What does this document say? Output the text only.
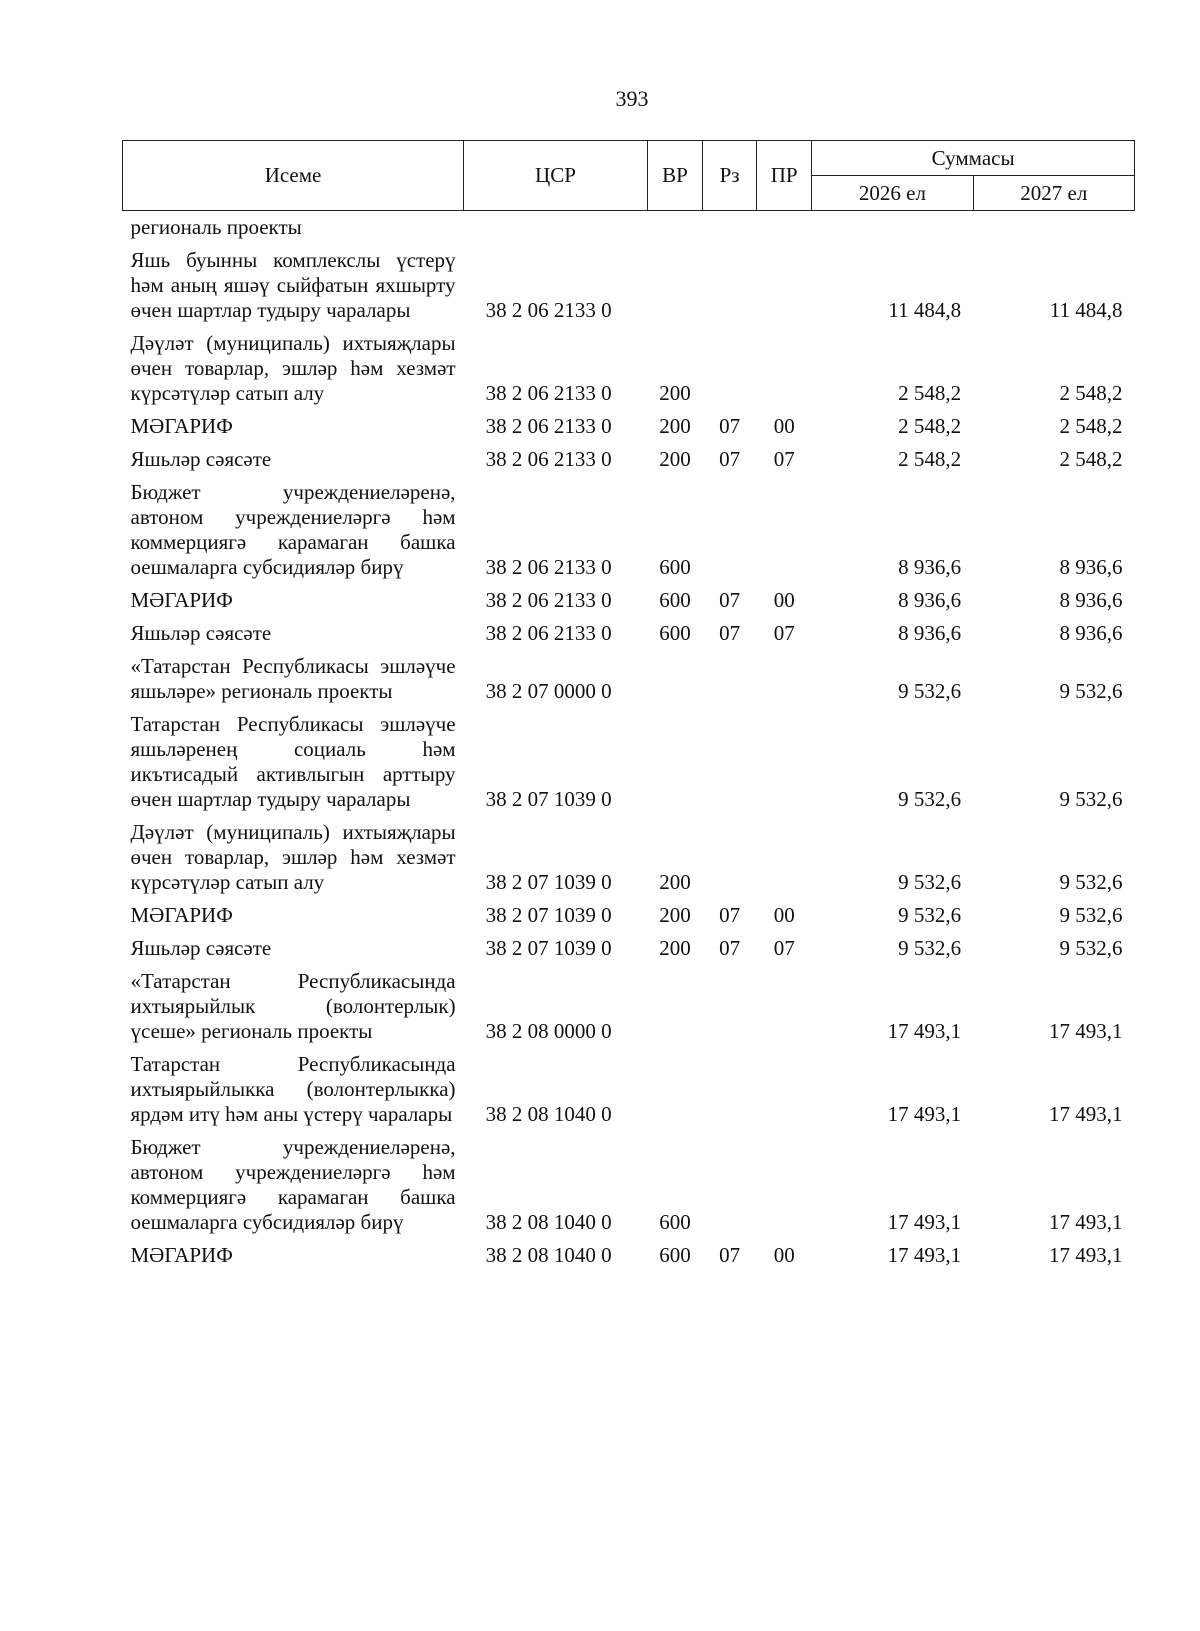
393
Исеме	ЦСР	ВР	Рз	ПР	Суммасы	
					2026 ел	2027 ел
региональ проекты						
Яшь буынны комплекслы үстерү һәм аның яшәү сыйфатын яхшырту өчен шартлар тудыру чаралары	38 2 06 2133 0				11 484,8	11 484,8
Дәүләт (муниципаль) ихтыяҗлары өчен товарлар, эшләр һәм хезмәт күрсәтүләр сатып алу	38 2 06 2133 0	200			2 548,2	2 548,2
МӘГАРИФ	38 2 06 2133 0	200	07	00	2 548,2	2 548,2
Яшьләр сәясәте	38 2 06 2133 0	200	07	07	2 548,2	2 548,2
Бюджет учреждениеләренә, автоном учреждениеләргә һәм коммерциягә карамаган башка оешмаларга субсидияләр бирү	38 2 06 2133 0	600			8 936,6	8 936,6
МӘГАРИФ	38 2 06 2133 0	600	07	00	8 936,6	8 936,6
Яшьләр сәясәте	38 2 06 2133 0	600	07	07	8 936,6	8 936,6
«Татарстан Республикасы эшләүче яшьләре» региональ проекты	38 2 07 0000 0				9 532,6	9 532,6
Татарстан Республикасы эшләүче яшьләренең социаль һәм икътисадый активлыгын арттыру өчен шартлар тудыру чаралары	38 2 07 1039 0				9 532,6	9 532,6
Дәүләт (муниципаль) ихтыяҗлары өчен товарлар, эшләр һәм хезмәт күрсәтүләр сатып алу	38 2 07 1039 0	200			9 532,6	9 532,6
МӘГАРИФ	38 2 07 1039 0	200	07	00	9 532,6	9 532,6
Яшьләр сәясәте	38 2 07 1039 0	200	07	07	9 532,6	9 532,6
«Татарстан Республикасында ихтыярыйлык (волонтерлык) үсеше» региональ проекты	38 2 08 0000 0				17 493,1	17 493,1
Татарстан Республикасында ихтыярыйлыкка (волонтерлыкка) ярдәм итү һәм аны үстерү чаралары	38 2 08 1040 0				17 493,1	17 493,1
Бюджет учреждениеләренә, автоном учреждениеләргә һәм коммерциягә карамаган башка оешмаларга субсидияләр бирү	38 2 08 1040 0	600			17 493,1	17 493,1
МӘГАРИФ	38 2 08 1040 0	600	07	00	17 493,1	17 493,1
